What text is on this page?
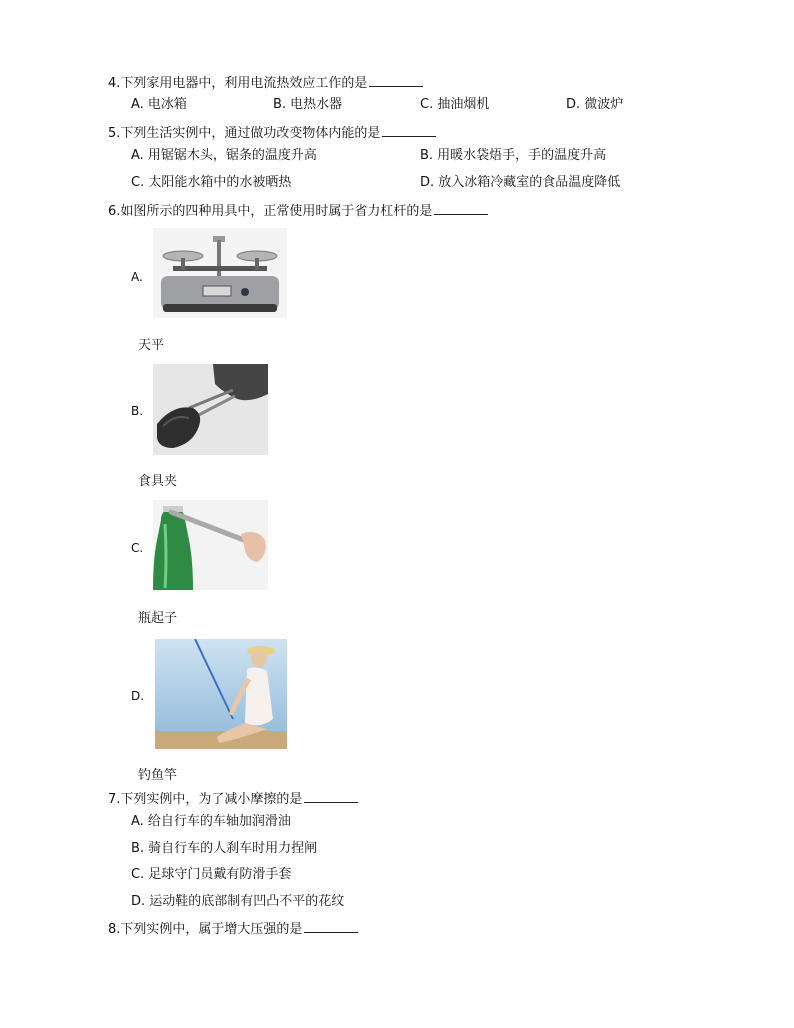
4.下列家用电器中，利用电流热效应工作的是
A. 电冰箱	B. 电热水器	C. 抽油烟机	D. 微波炉
5.下列生活实例中，通过做功改变物体内能的是
A. 用锯锯木头，锯条的温度升高	B. 用暖水袋焐手，手的温度升高
C. 太阳能水箱中的水被晒热	D. 放入冰箱冷藏室的食品温度降低
6.如图所示的四种用具中，正常使用时属于省力杠杆的是
A.
天平
B.
食具夹
C.
瓶起子
D.
钓鱼竿
7.下列实例中，为了减小摩擦的是
A. 给自行车的车轴加润滑油
B. 骑自行车的人刹车时用力捏闸
C. 足球守门员戴有防滑手套
D. 运动鞋的底部制有凹凸不平的花纹
8.下列实例中，属于增大压强的是
